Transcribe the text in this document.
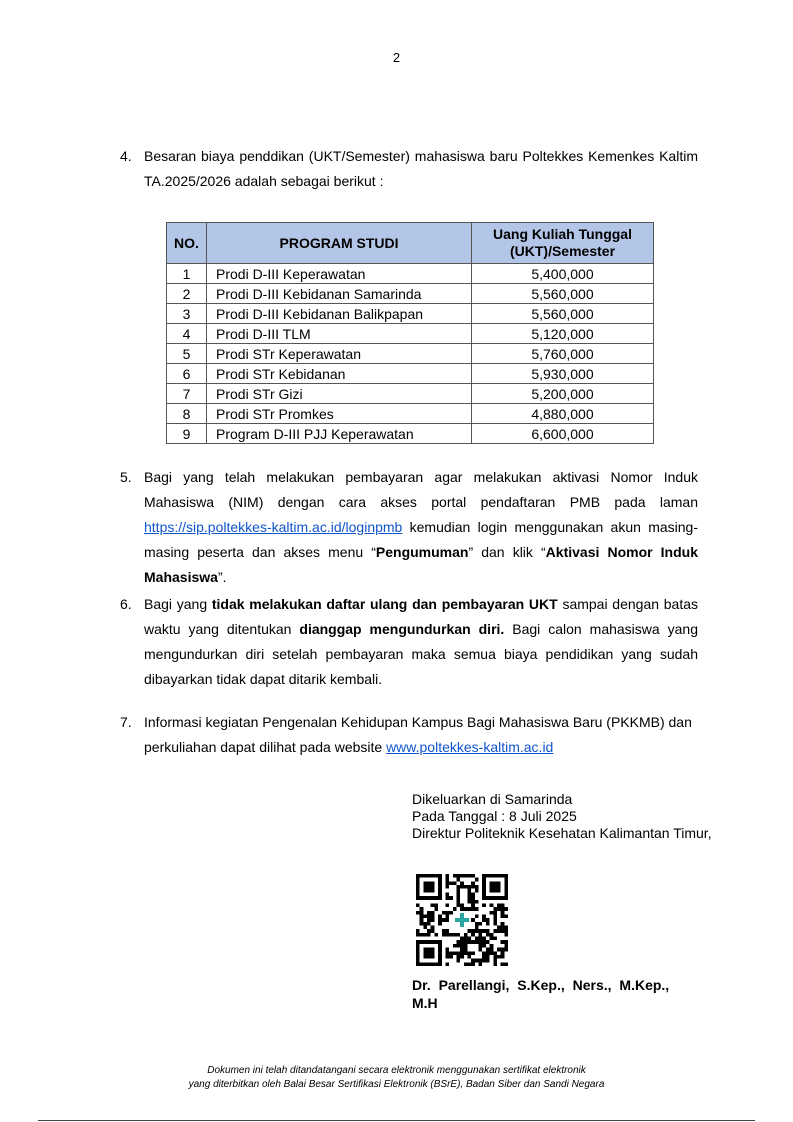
2
4. Besaran biaya penddikan (UKT/Semester) mahasiswa baru Poltekkes Kemenkes Kaltim TA.2025/2026 adalah sebagai berikut :
NO.	PROGRAM STUDI	Uang Kuliah Tunggal (UKT)/Semester
1	Prodi D-III Keperawatan	5,400,000
2	Prodi D-III Kebidanan Samarinda	5,560,000
3	Prodi D-III Kebidanan Balikpapan	5,560,000
4	Prodi D-III TLM	5,120,000
5	Prodi STr Keperawatan	5,760,000
6	Prodi STr Kebidanan	5,930,000
7	Prodi STr Gizi	5,200,000
8	Prodi STr Promkes	4,880,000
9	Program D-III PJJ Keperawatan	6,600,000
5. Bagi yang telah melakukan pembayaran agar melakukan aktivasi Nomor Induk Mahasiswa (NIM) dengan cara akses portal pendaftaran PMB pada laman https://sip.poltekkes-kaltim.ac.id/loginpmb kemudian login menggunakan akun masing-masing peserta dan akses menu “Pengumuman” dan klik “Aktivasi Nomor Induk Mahasiswa”.
6. Bagi yang tidak melakukan daftar ulang dan pembayaran UKT sampai dengan batas waktu yang ditentukan dianggap mengundurkan diri. Bagi calon mahasiswa yang mengundurkan diri setelah pembayaran maka semua biaya pendidikan yang sudah dibayarkan tidak dapat ditarik kembali.
7. Informasi kegiatan Pengenalan Kehidupan Kampus Bagi Mahasiswa Baru (PKKMB) dan perkuliahan dapat dilihat pada website www.poltekkes-kaltim.ac.id
Dikeluarkan di Samarinda
Pada Tanggal : 8 Juli 2025
Direktur Politeknik Kesehatan Kalimantan Timur,
Dr. Parellangi, S.Kep., Ners., M.Kep., M.H
Dokumen ini telah ditandatangani secara elektronik menggunakan sertifikat elektronik
yang diterbitkan oleh Balai Besar Sertifikasi Elektronik (BSrE), Badan Siber dan Sandi Negara
